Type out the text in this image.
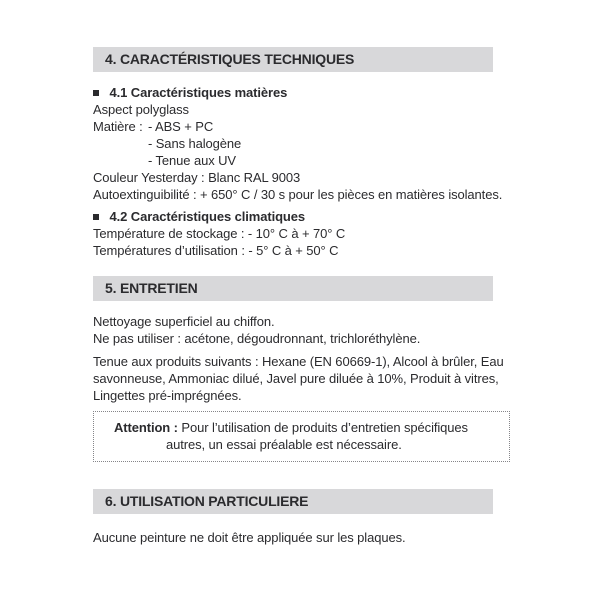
4. CARACTÉRISTIQUES TECHNIQUES
4.1 Caractéristiques matières
Aspect polyglass
Matière : - ABS + PC
- Sans halogène
- Tenue aux UV
Couleur Yesterday : Blanc RAL 9003
Autoextinguibilité : + 650° C / 30 s pour les pièces en matières isolantes.
4.2 Caractéristiques climatiques
Température de stockage : - 10° C à + 70° C
Températures d’utilisation : - 5° C à + 50° C
5. ENTRETIEN
Nettoyage superficiel au chiffon.
Ne pas utiliser : acétone, dégoudronnant, trichloréthylène.
Tenue aux produits suivants : Hexane (EN 60669-1), Alcool à brûler, Eau
savonneuse, Ammoniac dilué, Javel pure diluée à 10%, Produit à vitres,
Lingettes pré-imprégnées.
Attention : Pour l’utilisation de produits d’entretien spécifiques
autres, un essai préalable est nécessaire.
6. UTILISATION PARTICULIERE
Aucune peinture ne doit être appliquée sur les plaques.
